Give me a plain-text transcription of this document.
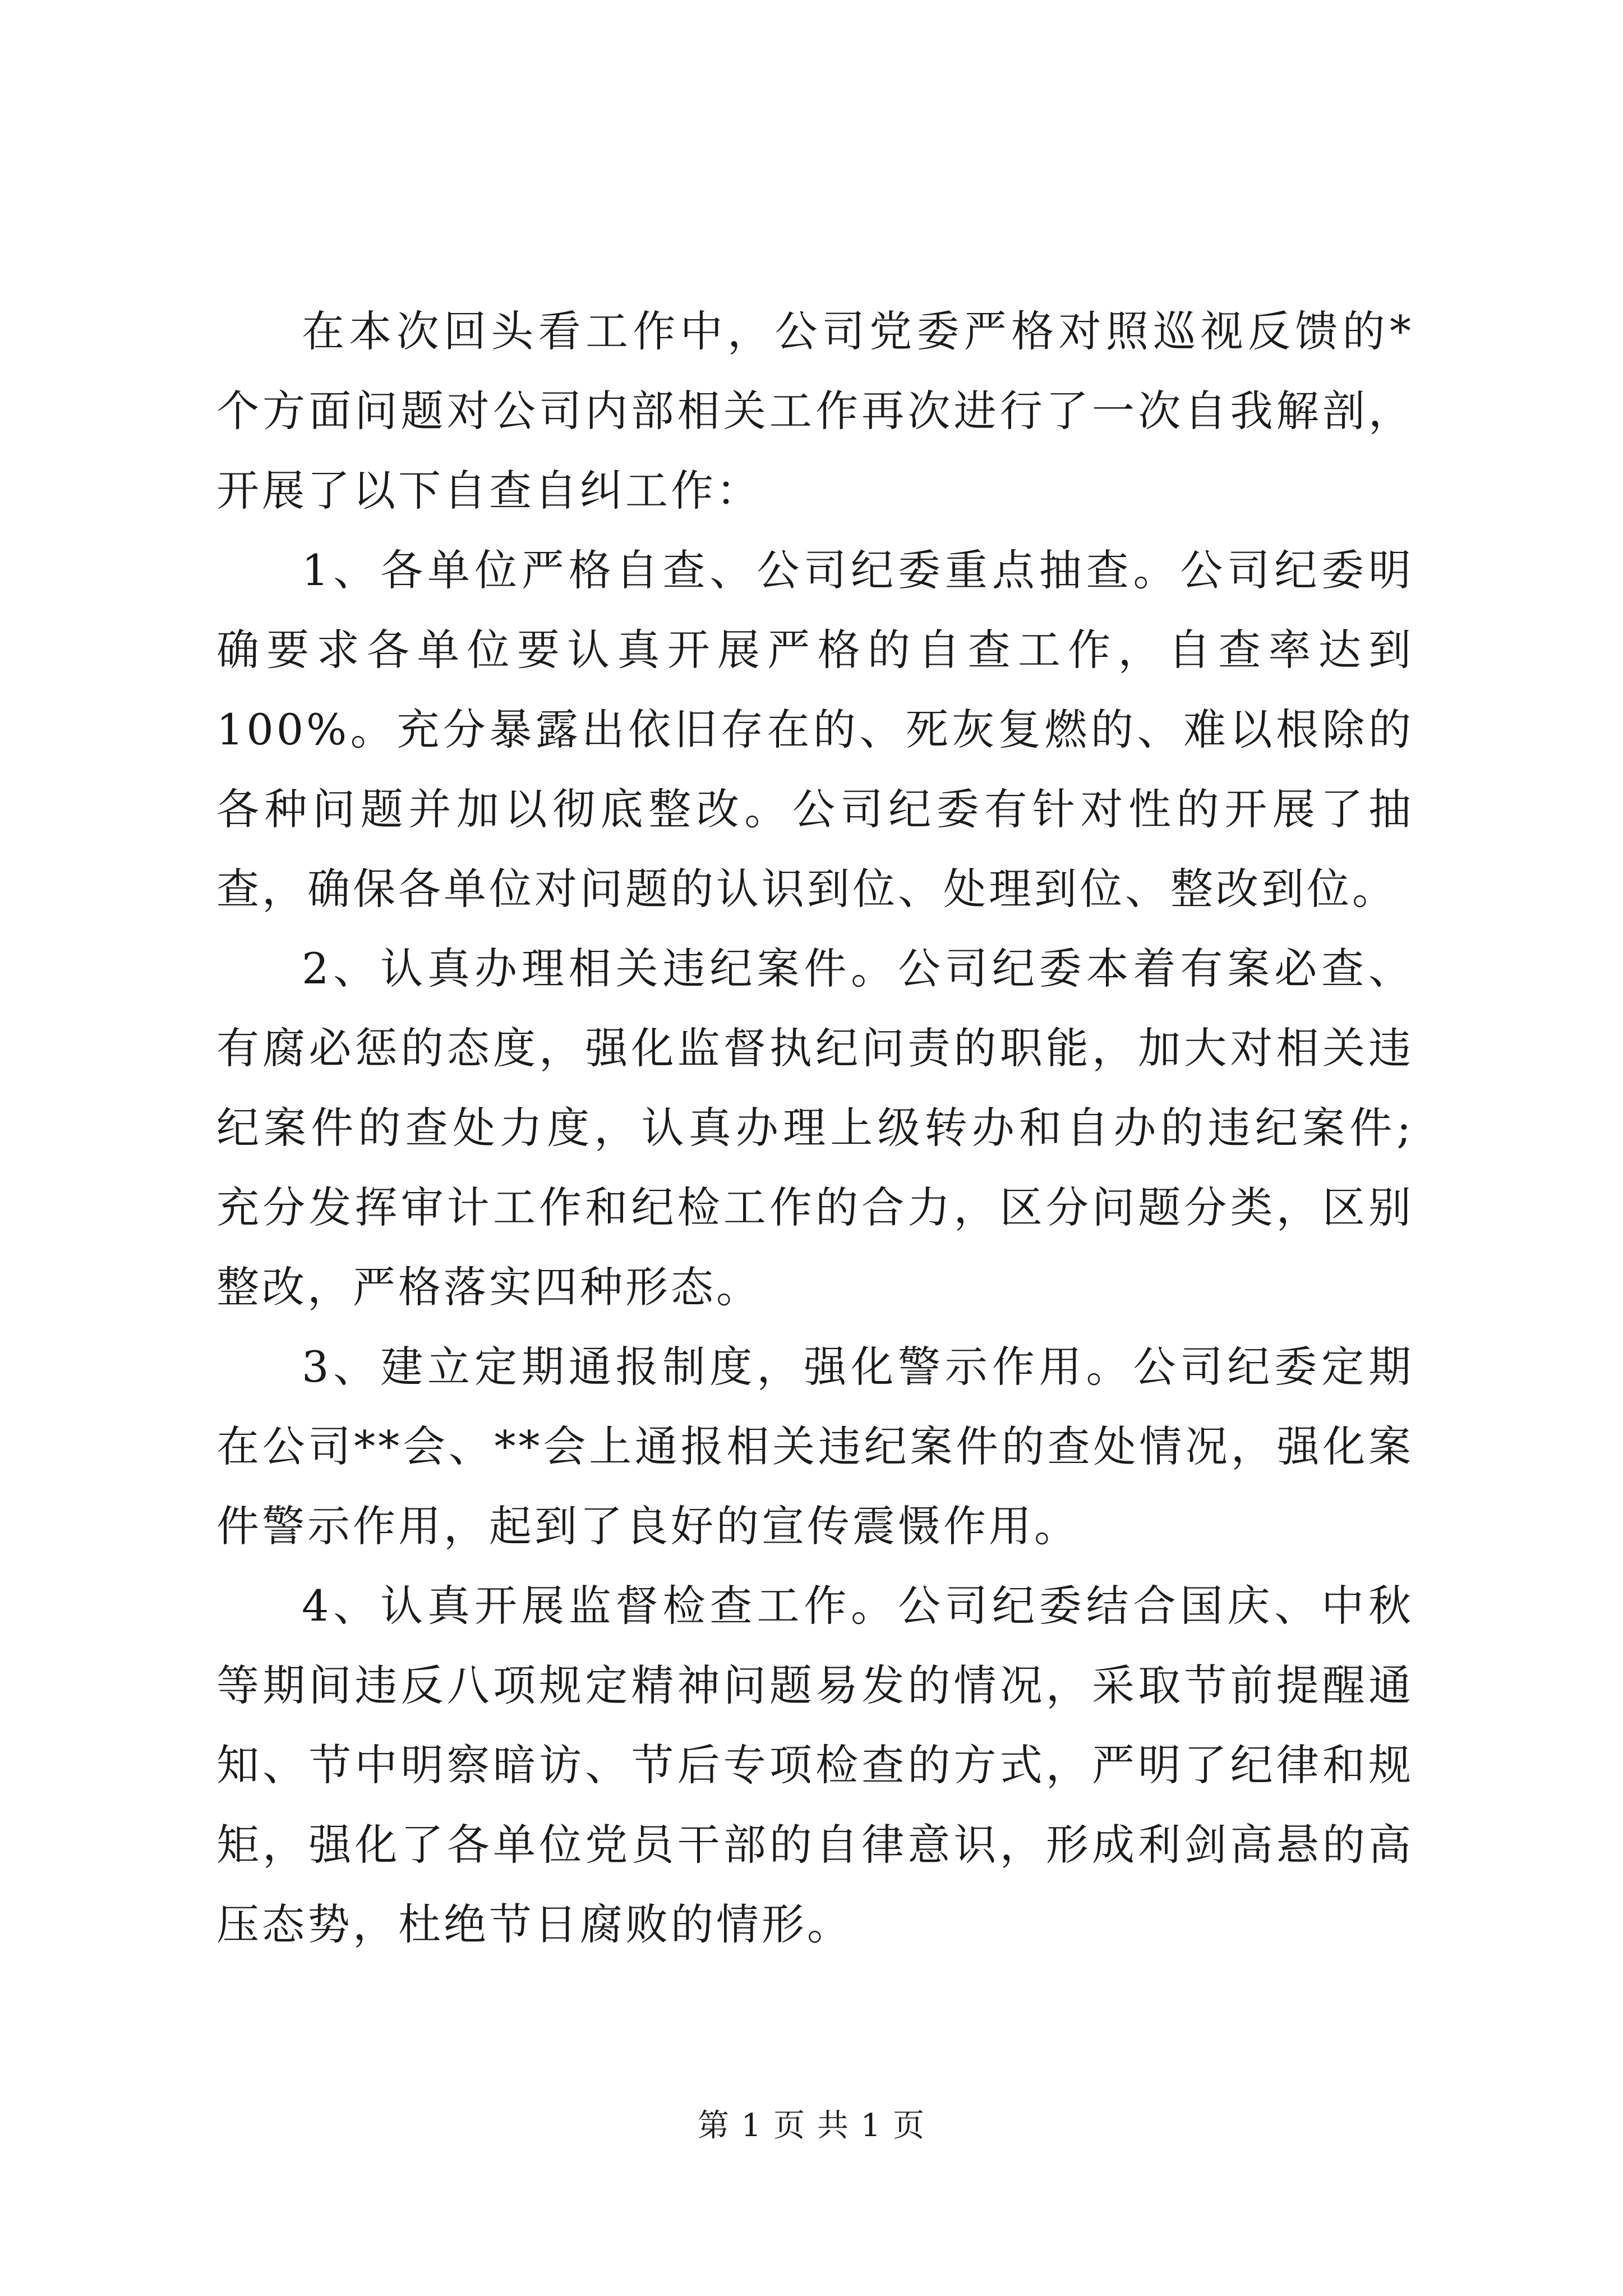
在本次回头看工作中，公司党委严格对照巡视反馈的*个方面问题对公司内部相关工作再次进行了一次自我解剖，开展了以下自查自纠工作：

1、各单位严格自查、公司纪委重点抽查。公司纪委明确要求各单位要认真开展严格的自查工作，自查率达到100%。充分暴露出依旧存在的、死灰复燃的、难以根除的各种问题并加以彻底整改。公司纪委有针对性的开展了抽查，确保各单位对问题的认识到位、处理到位、整改到位。

2、认真办理相关违纪案件。公司纪委本着有案必查、有腐必惩的态度，强化监督执纪问责的职能，加大对相关违纪案件的查处力度，认真办理上级转办和自办的违纪案件;充分发挥审计工作和纪检工作的合力，区分问题分类，区别整改，严格落实四种形态。

3、建立定期通报制度，强化警示作用。公司纪委定期在公司**会、**会上通报相关违纪案件的查处情况，强化案件警示作用，起到了良好的宣传震慑作用。

4、认真开展监督检查工作。公司纪委结合国庆、中秋等期间违反八项规定精神问题易发的情况，采取节前提醒通知、节中明察暗访、节后专项检查的方式，严明了纪律和规矩，强化了各单位党员干部的自律意识，形成利剑高悬的高压态势，杜绝节日腐败的情形。

第 1 页 共 1 页
